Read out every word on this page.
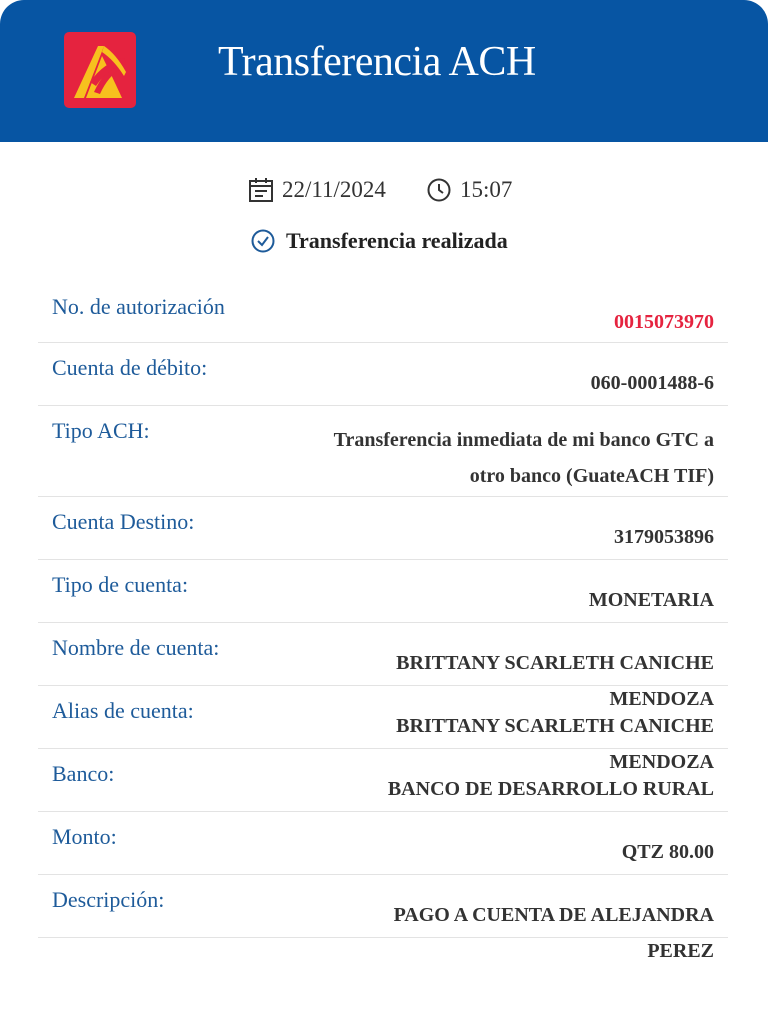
Transferencia ACH
22/11/2024	15:07
Transferencia realizada
No. de autorización
0015073970
Cuenta de débito:
060-0001488-6
Tipo ACH:	Transferencia inmediata de mi banco GTC a otro banco (GuateACH TIF)
Cuenta Destino:
3179053896
Tipo de cuenta:
MONETARIA
Nombre de cuenta:
BRITTANY SCARLETH CANICHE MENDOZA
Alias de cuenta:
BRITTANY SCARLETH CANICHE MENDOZA
Banco:
BANCO DE DESARROLLO RURAL
Monto:
QTZ 80.00
Descripción:
PAGO A CUENTA DE ALEJANDRA PEREZ
